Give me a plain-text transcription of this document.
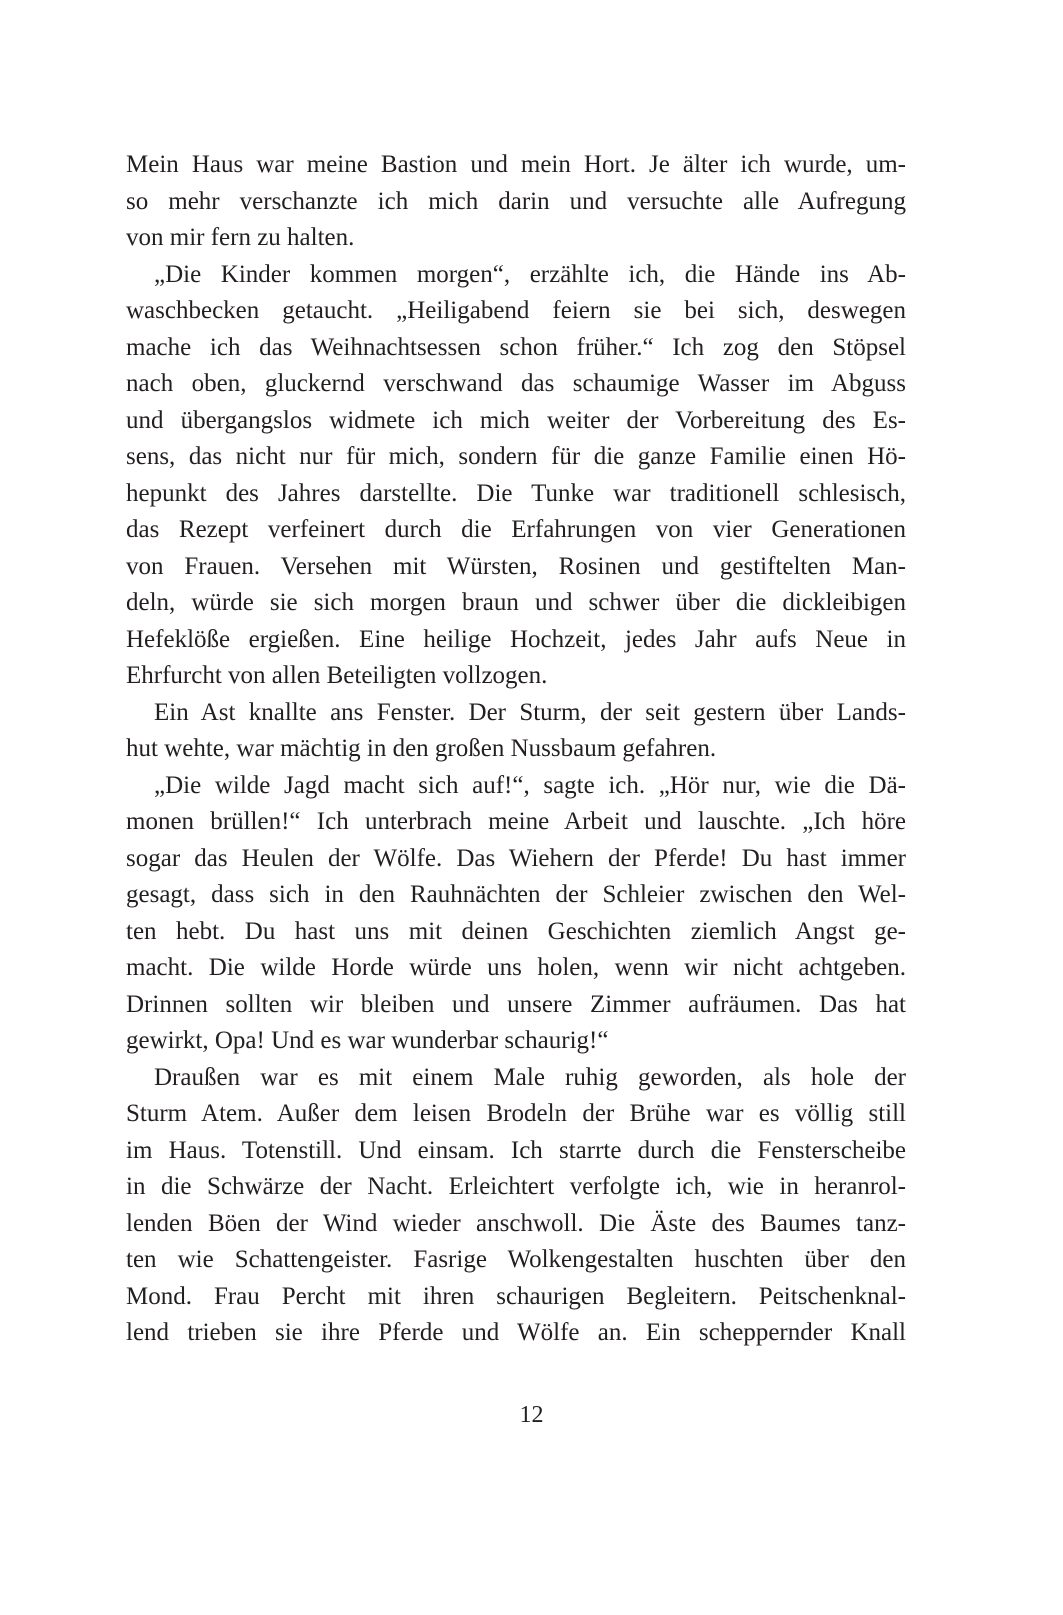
Mein Haus war meine Bastion und mein Hort. Je älter ich wurde, um-
so mehr verschanzte ich mich darin und versuchte alle Aufregung
von mir fern zu halten.
„Die Kinder kommen morgen“, erzählte ich, die Hände ins Ab-
waschbecken getaucht. „Heiligabend feiern sie bei sich, deswegen
mache ich das Weihnachtsessen schon früher.“ Ich zog den Stöpsel
nach oben, gluckernd verschwand das schaumige Wasser im Abguss
und übergangslos widmete ich mich weiter der Vorbereitung des Es-
sens, das nicht nur für mich, sondern für die ganze Familie einen Hö-
hepunkt des Jahres darstellte. Die Tunke war traditionell schlesisch,
das Rezept verfeinert durch die Erfahrungen von vier Generationen
von Frauen. Versehen mit Würsten, Rosinen und gestiftelten Man-
deln, würde sie sich morgen braun und schwer über die dickleibigen
Hefeklöße ergießen. Eine heilige Hochzeit, jedes Jahr aufs Neue in
Ehrfurcht von allen Beteiligten vollzogen.
Ein Ast knallte ans Fenster. Der Sturm, der seit gestern über Lands-
hut wehte, war mächtig in den großen Nussbaum gefahren.
„Die wilde Jagd macht sich auf!“, sagte ich. „Hör nur, wie die Dä-
monen brüllen!“ Ich unterbrach meine Arbeit und lauschte. „Ich höre
sogar das Heulen der Wölfe. Das Wiehern der Pferde! Du hast immer
gesagt, dass sich in den Rauhnächten der Schleier zwischen den Wel-
ten hebt. Du hast uns mit deinen Geschichten ziemlich Angst ge-
macht. Die wilde Horde würde uns holen, wenn wir nicht achtgeben.
Drinnen sollten wir bleiben und unsere Zimmer aufräumen. Das hat
gewirkt, Opa! Und es war wunderbar schaurig!“
Draußen war es mit einem Male ruhig geworden, als hole der
Sturm Atem. Außer dem leisen Brodeln der Brühe war es völlig still
im Haus. Totenstill. Und einsam. Ich starrte durch die Fensterscheibe
in die Schwärze der Nacht. Erleichtert verfolgte ich, wie in heranrol-
lenden Böen der Wind wieder anschwoll. Die Äste des Baumes tanz-
ten wie Schattengeister. Fasrige Wolkengestalten huschten über den
Mond. Frau Percht mit ihren schaurigen Begleitern. Peitschenknal-
lend trieben sie ihre Pferde und Wölfe an. Ein scheppernder Knall
12
